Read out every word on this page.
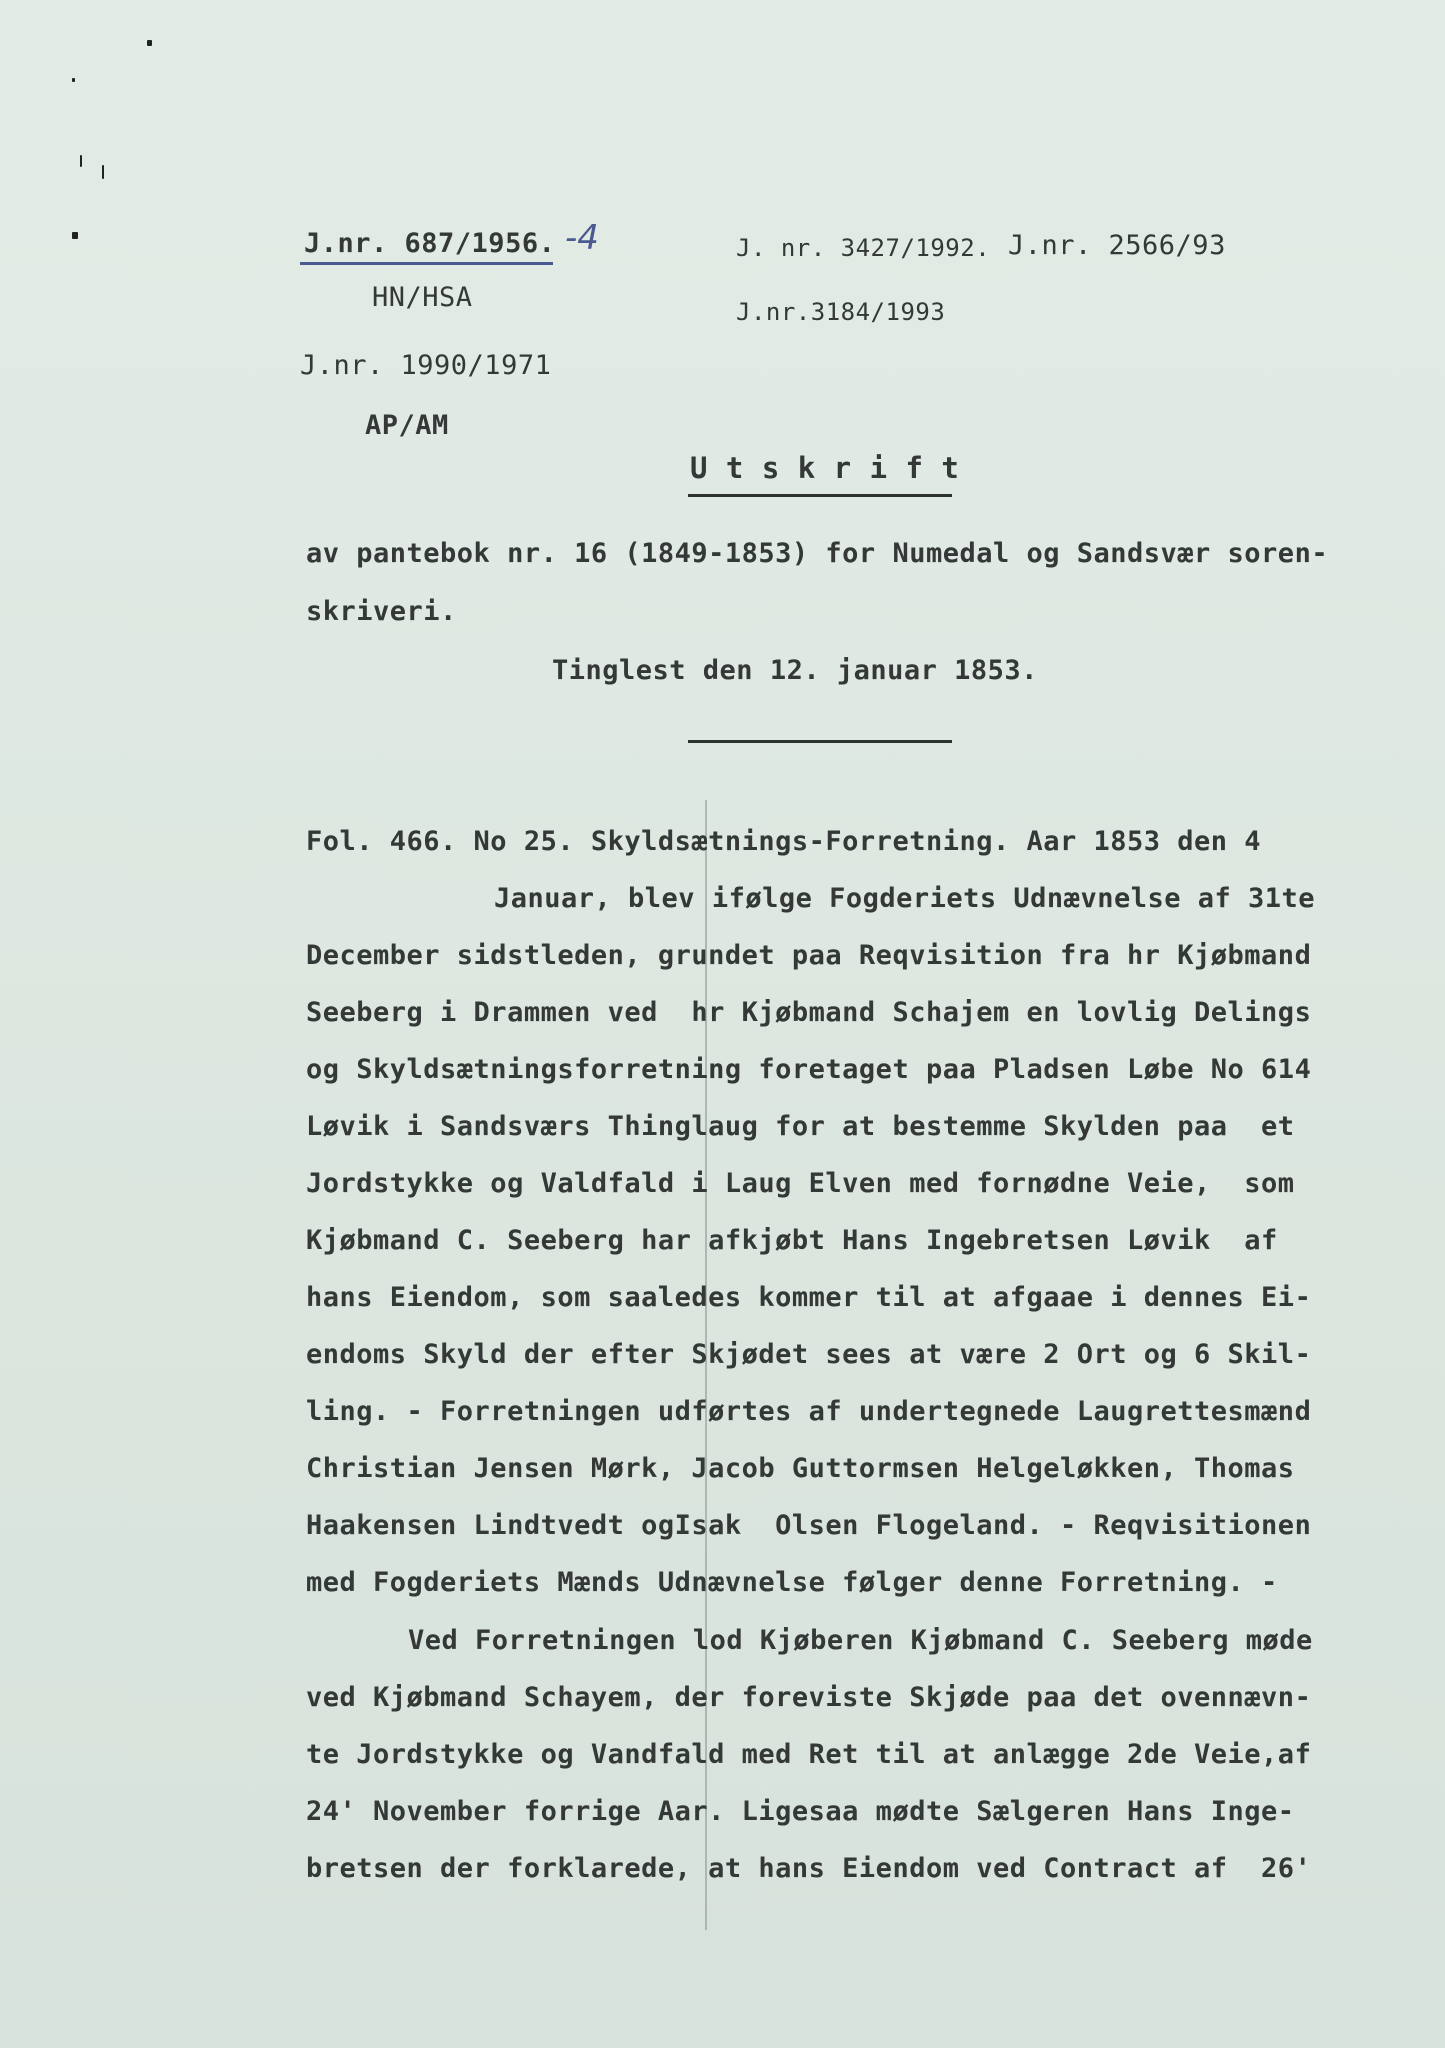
J.nr. 687/1956. -4
HN/HSA
J.nr. 1990/1971
AP/AM
J. nr. 3427/1992. J.nr. 2566/93
J.nr.3184/1993
U t s k r i f t
av pantebok nr. 16 (1849-1853) for Numedal og Sandsvær soren-
skriveri.
Tinglest den 12. januar 1853.
Fol. 466. No 25. Skyldsætnings-Forretning. Aar 1853 den 4
Januar, blev ifølge Fogderiets Udnævnelse af 31te
December sidstleden, grundet paa Reqvisition fra hr Kjøbmand
Seeberg i Drammen ved  hr Kjøbmand Schajem en lovlig Delings
og Skyldsætningsforretning foretaget paa Pladsen Løbe No 614
Løvik i Sandsværs Thinglaug for at bestemme Skylden paa  et
Jordstykke og Valdfald i Laug Elven med fornødne Veie,  som
Kjøbmand C. Seeberg har afkjøbt Hans Ingebretsen Løvik  af
hans Eiendom, som saaledes kommer til at afgaae i dennes Ei-
endoms Skyld der efter Skjødet sees at være 2 Ort og 6 Skil-
ling. - Forretningen udførtes af undertegnede Laugrettesmænd
Christian Jensen Mørk, Jacob Guttormsen Helgeløkken, Thomas
Haakensen Lindtvedt ogIsak  Olsen Flogeland. - Reqvisitionen
med Fogderiets Mænds Udnævnelse følger denne Forretning. -
Ved Forretningen lod Kjøberen Kjøbmand C. Seeberg møde
ved Kjøbmand Schayem, der foreviste Skjøde paa det ovennævn-
te Jordstykke og Vandfald med Ret til at anlægge 2de Veie,af
24' November forrige Aar. Ligesaa mødte Sælgeren Hans Inge-
bretsen der forklarede, at hans Eiendom ved Contract af  26'
